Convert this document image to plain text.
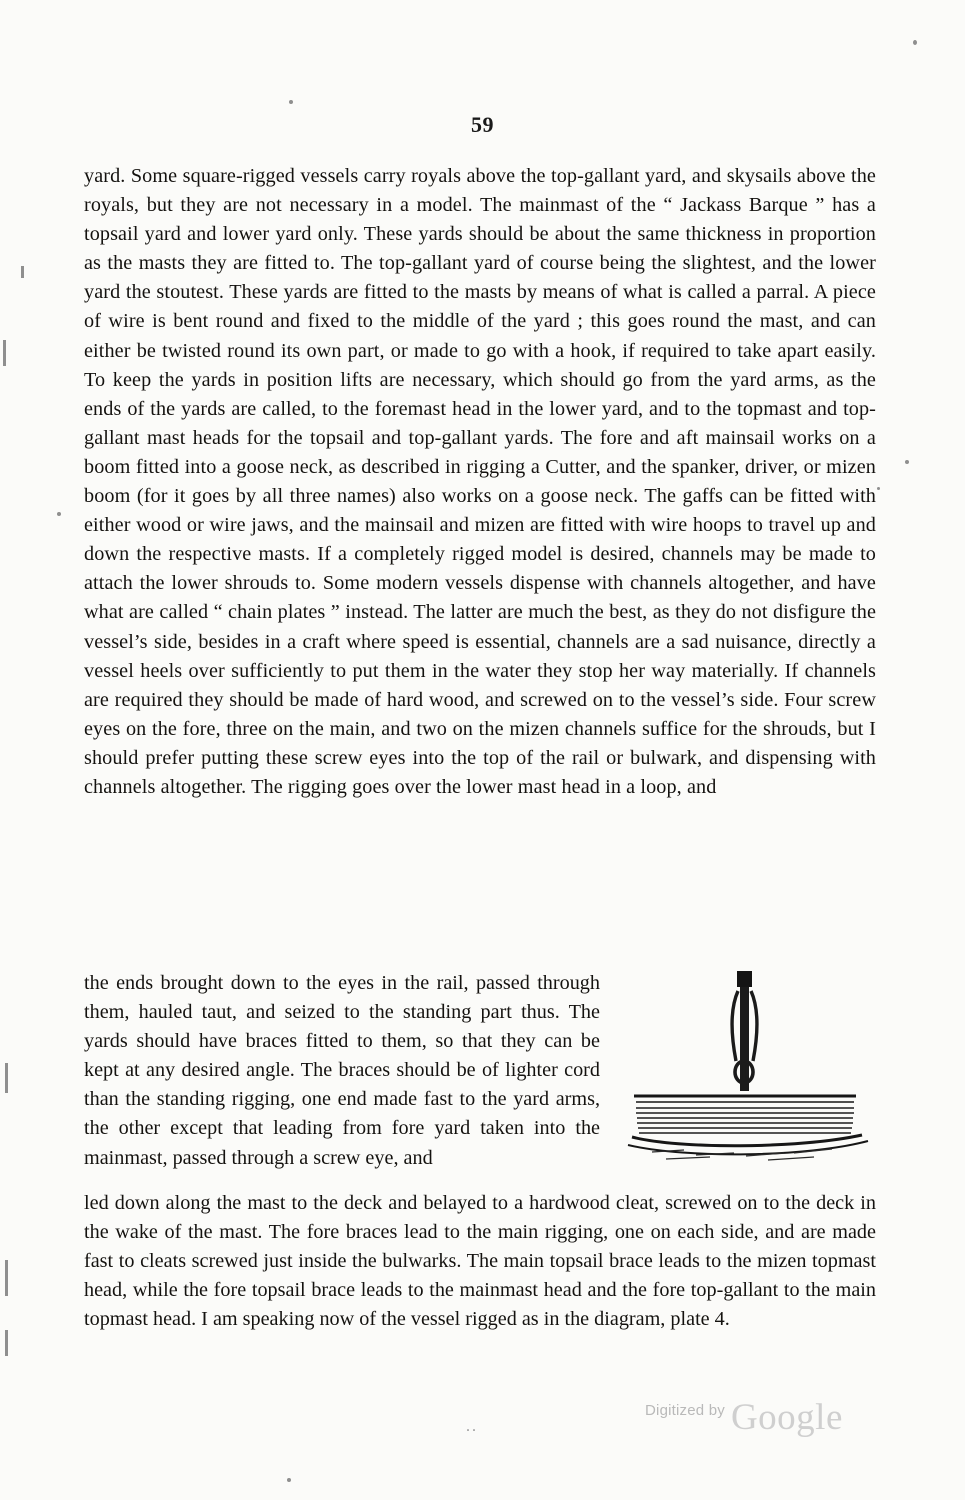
59

yard. Some square-rigged vessels carry royals above the top-gallant yard, and skysails above the royals, but they are not necessary in a model. The mainmast of the “ Jackass Barque ” has a topsail yard and lower yard only. These yards should be about the same thickness in proportion as the masts they are fitted to. The top-gallant yard of course being the slightest, and the lower yard the stoutest. These yards are fitted to the masts by means of what is called a parral. A piece of wire is bent round and fixed to the middle of the yard ; this goes round the mast, and can either be twisted round its own part, or made to go with a hook, if required to take apart easily. To keep the yards in position lifts are necessary, which should go from the yard arms, as the ends of the yards are called, to the foremast head in the lower yard, and to the topmast and top-gallant mast heads for the topsail and top-gallant yards. The fore and aft mainsail works on a boom fitted into a goose neck, as described in rigging a Cutter, and the spanker, driver, or mizen boom (for it goes by all three names) also works on a goose neck. The gaffs can be fitted with either wood or wire jaws, and the mainsail and mizen are fitted with wire hoops to travel up and down the respective masts. If a completely rigged model is desired, channels may be made to attach the lower shrouds to. Some modern vessels dispense with channels altogether, and have what are called “ chain plates ” instead. The latter are much the best, as they do not disfigure the vessel’s side, besides in a craft where speed is essential, channels are a sad nuisance, directly a vessel heels over sufficiently to put them in the water they stop her way materially. If channels are required they should be made of hard wood, and screwed on to the vessel’s side. Four screw eyes on the fore, three on the main, and two on the mizen channels suffice for the shrouds, but I should prefer putting these screw eyes into the top of the rail or bulwark, and dispensing with channels altogether. The rigging goes over the lower mast head in a loop, and

the ends brought down to the eyes in the rail, passed through them, hauled taut, and seized to the standing part thus. The yards should have braces fitted to them, so that they can be kept at any desired angle. The braces should be of lighter cord than the standing rigging, one end made fast to the yard arms, the other except that leading from fore yard taken into the mainmast, passed through a screw eye, and

led down along the mast to the deck and belayed to a hardwood cleat, screwed on to the deck in the wake of the mast. The fore braces lead to the main rigging, one on each side, and are made fast to cleats screwed just inside the bulwarks. The main topsail brace leads to the mizen topmast head, while the fore topsail brace leads to the mainmast head and the fore top-gallant to the main topmast head. I am speaking now of the vessel rigged as in the diagram, plate 4.

..
Digitized by Google
